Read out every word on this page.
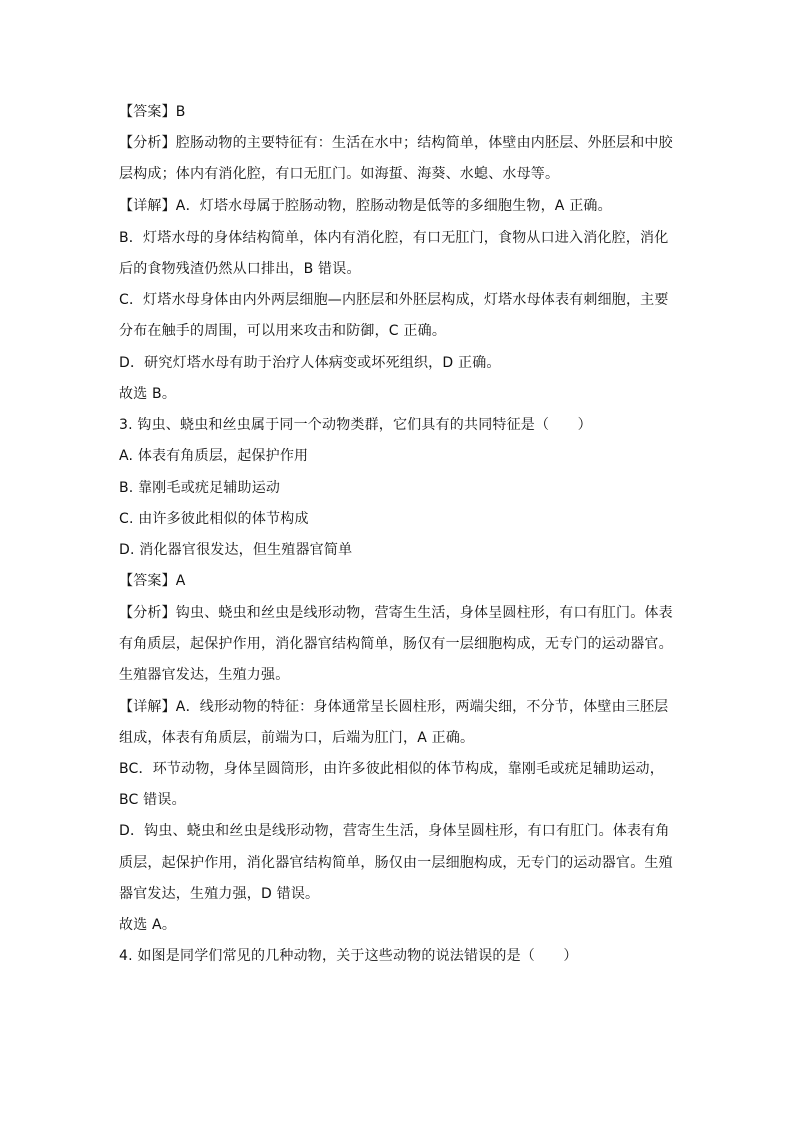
【答案】B
【分析】腔肠动物的主要特征有：生活在水中；结构简单，体壁由内胚层、外胚层和中胶
层构成；体内有消化腔，有口无肛门。如海蜇、海葵、水螅、水母等。
【详解】A．灯塔水母属于腔肠动物，腔肠动物是低等的多细胞生物，A 正确。
B．灯塔水母的身体结构简单，体内有消化腔，有口无肛门，食物从口进入消化腔，消化
后的食物残渣仍然从口排出，B 错误。
C．灯塔水母身体由内外两层细胞—内胚层和外胚层构成，灯塔水母体表有刺细胞，主要
分布在触手的周围，可以用来攻击和防御，C 正确。
D．研究灯塔水母有助于治疗人体病变或坏死组织，D 正确。
故选 B。
3. 钩虫、蛲虫和丝虫属于同一个动物类群，它们具有的共同特征是（　　）
A. 体表有角质层，起保护作用
B. 靠刚毛或疣足辅助运动
C. 由许多彼此相似的体节构成
D. 消化器官很发达，但生殖器官简单
【答案】A
【分析】钩虫、蛲虫和丝虫是线形动物，营寄生生活，身体呈圆柱形，有口有肛门。体表
有角质层，起保护作用，消化器官结构简单，肠仅有一层细胞构成，无专门的运动器官。
生殖器官发达，生殖力强。
【详解】A．线形动物的特征：身体通常呈长圆柱形，两端尖细，不分节，体壁由三胚层
组成，体表有角质层，前端为口，后端为肛门，A 正确。
BC．环节动物，身体呈圆筒形，由许多彼此相似的体节构成，靠刚毛或疣足辅助运动，
BC 错误。
D．钩虫、蛲虫和丝虫是线形动物，营寄生生活，身体呈圆柱形，有口有肛门。体表有角
质层，起保护作用，消化器官结构简单，肠仅由一层细胞构成，无专门的运动器官。生殖
器官发达，生殖力强，D 错误。
故选 A。
4. 如图是同学们常见的几种动物，关于这些动物的说法错误的是（　　）
